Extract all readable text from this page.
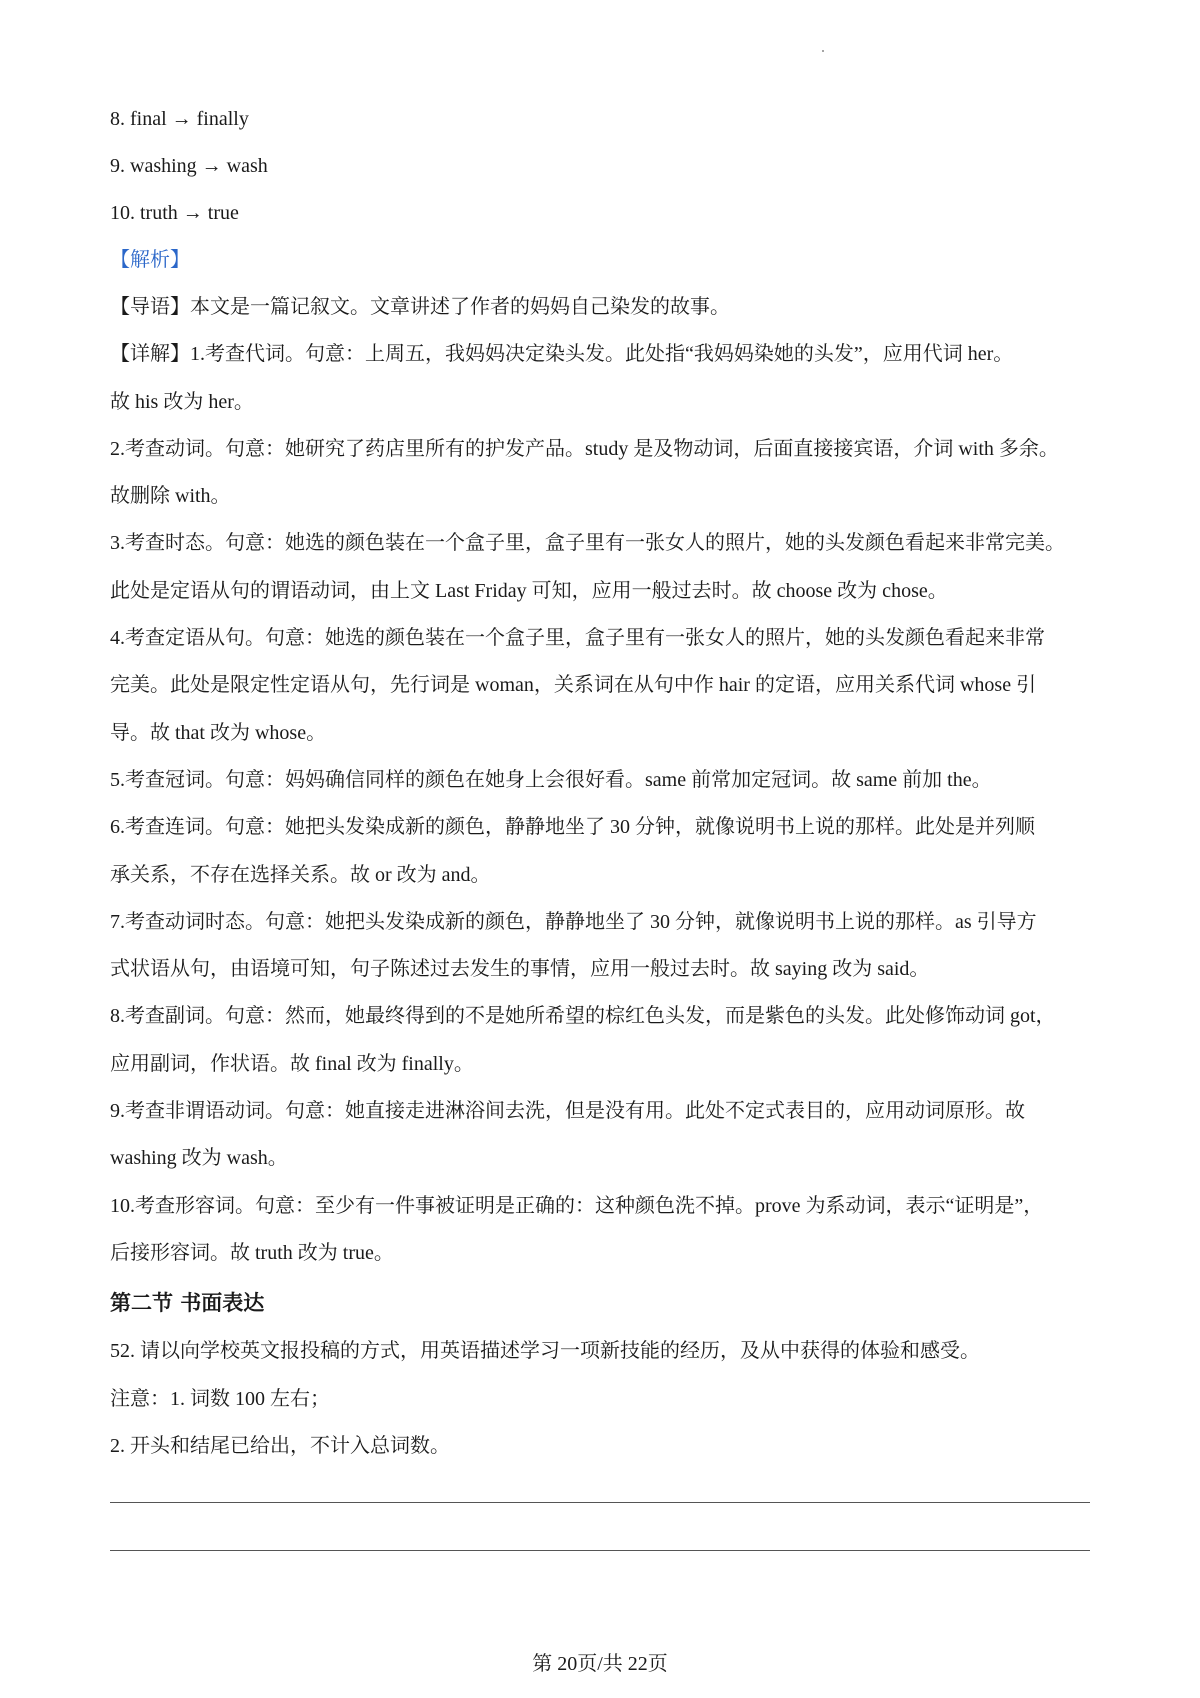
8. final → finally
9. washing → wash
10. truth → true
【解析】

【导语】本文是一篇记叙文。文章讲述了作者的妈妈自己染发的故事。

【详解】1.考查代词。句意：上周五，我妈妈决定染头发。此处指“我妈妈染她的头发”，应用代词 her。

故 his 改为 her。

2.考查动词。句意：她研究了药店里所有的护发产品。study 是及物动词，后面直接接宾语，介词 with 多余。

故删除 with。

3.考查时态。句意：她选的颜色装在一个盒子里，盒子里有一张女人的照片，她的头发颜色看起来非常完美。

此处是定语从句的谓语动词，由上文 Last Friday 可知，应用一般过去时。故 choose 改为 chose。

4.考查定语从句。句意：她选的颜色装在一个盒子里，盒子里有一张女人的照片，她的头发颜色看起来非常

完美。此处是限定性定语从句，先行词是 woman，关系词在从句中作 hair 的定语，应用关系代词 whose 引

导。故 that 改为 whose。

5.考查冠词。句意：妈妈确信同样的颜色在她身上会很好看。same 前常加定冠词。故 same 前加 the。

6.考查连词。句意：她把头发染成新的颜色，静静地坐了 30 分钟，就像说明书上说的那样。此处是并列顺

承关系，不存在选择关系。故 or 改为 and。

7.考查动词时态。句意：她把头发染成新的颜色，静静地坐了 30 分钟，就像说明书上说的那样。as 引导方

式状语从句，由语境可知，句子陈述过去发生的事情，应用一般过去时。故 saying 改为 said。

8.考查副词。句意：然而，她最终得到的不是她所希望的棕红色头发，而是紫色的头发。此处修饰动词 got，

应用副词，作状语。故 final 改为 finally。

9.考查非谓语动词。句意：她直接走进淋浴间去洗，但是没有用。此处不定式表目的，应用动词原形。故

washing 改为 wash。

10.考查形容词。句意：至少有一件事被证明是正确的：这种颜色洗不掉。prove 为系动词，表示“证明是”，

后接形容词。故 truth 改为 true。

第二节 书面表达
52. 请以向学校英文报投稿的方式，用英语描述学习一项新技能的经历，及从中获得的体验和感受。
注意：1. 词数 100 左右；
2. 开头和结尾已给出，不计入总词数。
第 20页/共 22页
